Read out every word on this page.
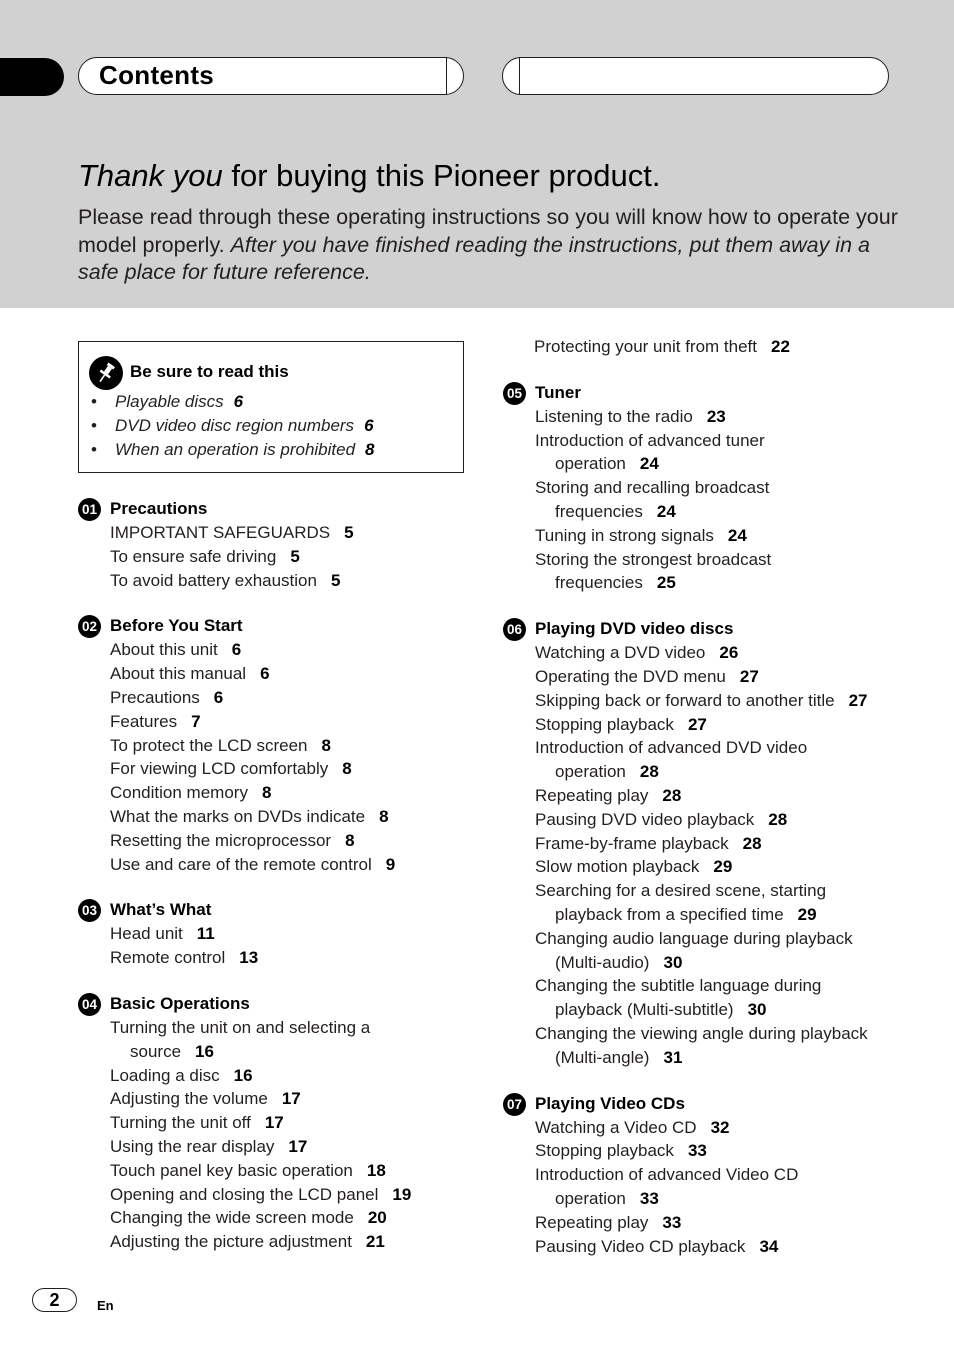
Contents
Thank you for buying this Pioneer product.
Please read through these operating instructions so you will know how to operate your model properly. After you have finished reading the instructions, put them away in a safe place for future reference.
Be sure to read this
• Playable discs 6
• DVD video disc region numbers 6
• When an operation is prohibited 8
01 Precautions
IMPORTANT SAFEGUARDS 5
To ensure safe driving 5
To avoid battery exhaustion 5
02 Before You Start
About this unit 6
About this manual 6
Precautions 6
Features 7
To protect the LCD screen 8
For viewing LCD comfortably 8
Condition memory 8
What the marks on DVDs indicate 8
Resetting the microprocessor 8
Use and care of the remote control 9
03 What’s What
Head unit 11
Remote control 13
04 Basic Operations
Turning the unit on and selecting a
source 16
Loading a disc 16
Adjusting the volume 17
Turning the unit off 17
Using the rear display 17
Touch panel key basic operation 18
Opening and closing the LCD panel 19
Changing the wide screen mode 20
Adjusting the picture adjustment 21
Protecting your unit from theft 22
05 Tuner
Listening to the radio 23
Introduction of advanced tuner
operation 24
Storing and recalling broadcast
frequencies 24
Tuning in strong signals 24
Storing the strongest broadcast
frequencies 25
06 Playing DVD video discs
Watching a DVD video 26
Operating the DVD menu 27
Skipping back or forward to another title 27
Stopping playback 27
Introduction of advanced DVD video
operation 28
Repeating play 28
Pausing DVD video playback 28
Frame-by-frame playback 28
Slow motion playback 29
Searching for a desired scene, starting
playback from a specified time 29
Changing audio language during playback
(Multi-audio) 30
Changing the subtitle language during
playback (Multi-subtitle) 30
Changing the viewing angle during playback
(Multi-angle) 31
07 Playing Video CDs
Watching a Video CD 32
Stopping playback 33
Introduction of advanced Video CD
operation 33
Repeating play 33
Pausing Video CD playback 34
2	En
